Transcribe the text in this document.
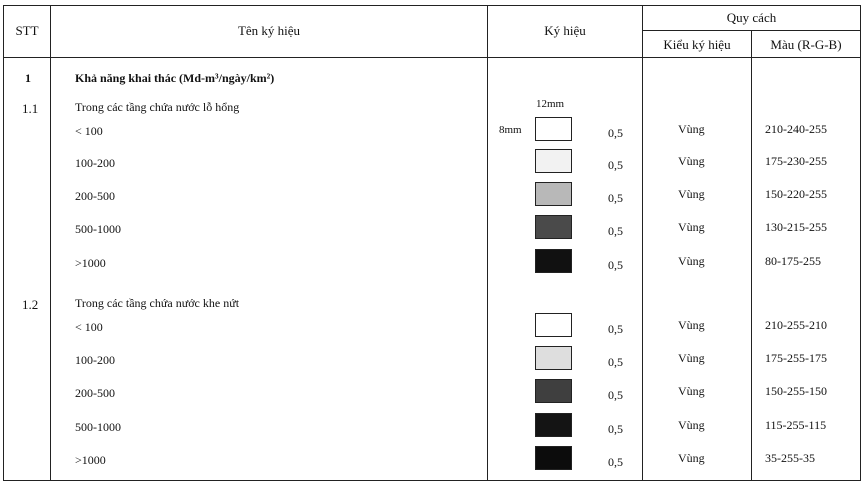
STT	Tên ký hiệu	Ký hiệu
Quy cách
Kiểu ký hiệu	Màu (R-G-B)
1	Khả năng khai thác (Md-m³/ngày/km²)
12mm
8mm
1.1	Trong các tầng chứa nước lỗ hổng
< 100	0,5	Vùng	210-240-255
100-200	0,5	Vùng	175-230-255
200-500	0,5	Vùng	150-220-255
500-1000	0,5	Vùng	130-215-255
>1000	0,5	Vùng	80-175-255
1.2	Trong các tầng chứa nước khe nứt
< 100	0,5	Vùng	210-255-210
100-200	0,5	Vùng	175-255-175
200-500	0,5	Vùng	150-255-150
500-1000	0,5	Vùng	115-255-115
>1000	0,5	Vùng	35-255-35
